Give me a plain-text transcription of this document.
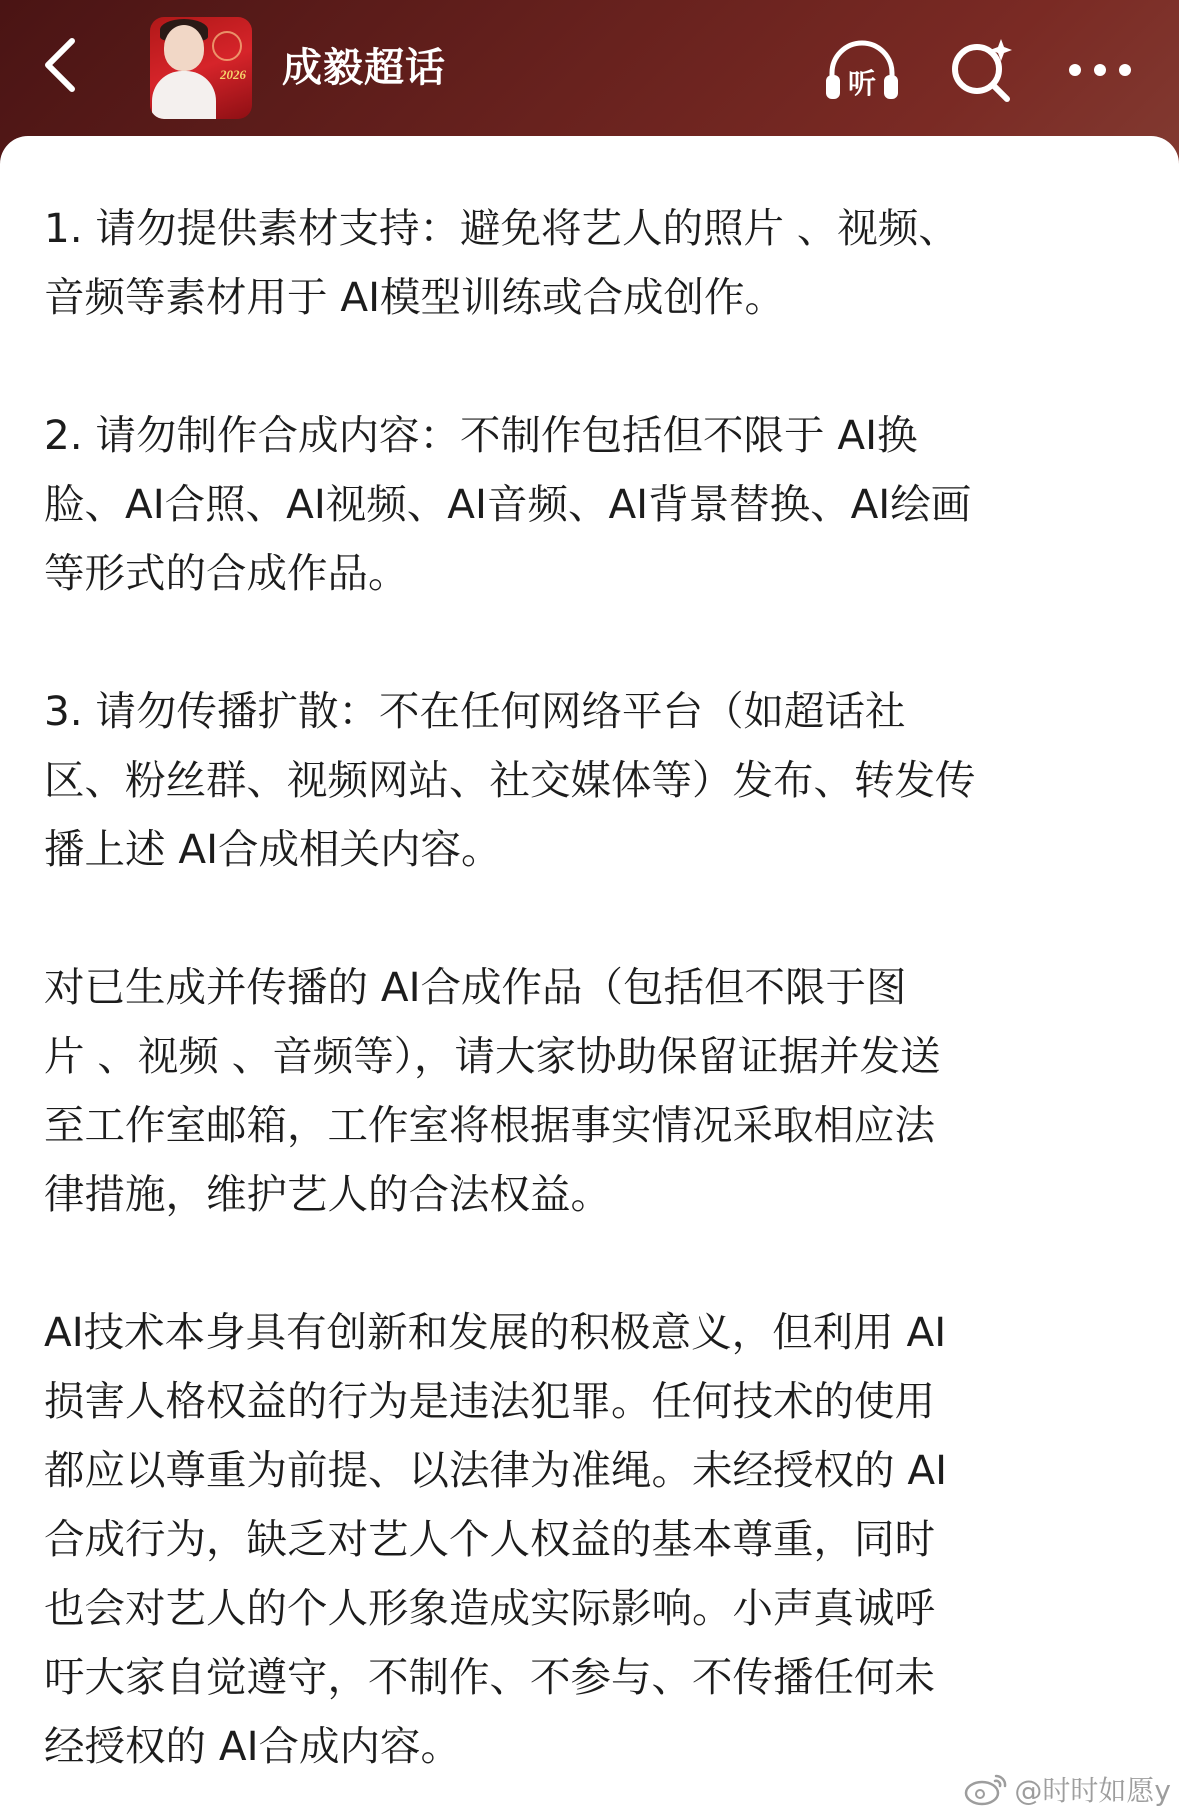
2026 成毅超话	听

1. 请勿提供素材支持：避免将艺人的照片 、视频、
音频等素材用于 AI模型训练或合成创作。

2. 请勿制作合成内容：不制作包括但不限于 AI换
脸、AI合照、AI视频、AI音频、AI背景替换、AI绘画
等形式的合成作品。

3. 请勿传播扩散：不在任何网络平台（如超话社
区、粉丝群、视频网站、社交媒体等）发布、转发传
播上述 AI合成相关内容。

对已生成并传播的 AI合成作品（包括但不限于图
片 、视频 、音频等），请大家协助保留证据并发送
至工作室邮箱，工作室将根据事实情况采取相应法
律措施，维护艺人的合法权益。

AI技术本身具有创新和发展的积极意义，但利用 AI
损害人格权益的行为是违法犯罪。任何技术的使用
都应以尊重为前提、以法律为准绳。未经授权的 AI
合成行为，缺乏对艺人个人权益的基本尊重，同时
也会对艺人的个人形象造成实际影响。小声真诚呼
吁大家自觉遵守，不制作、不参与、不传播任何未
经授权的 AI合成内容。

@时时如愿y
